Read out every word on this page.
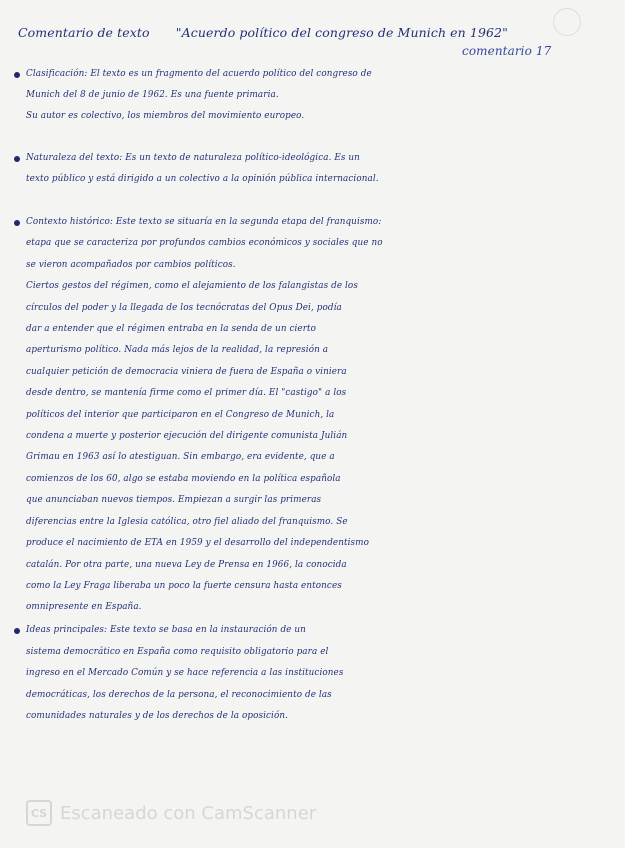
Comentario de texto "Acuerdo político del congreso de Munich en 1962"
comentario 17
Clasificación: El texto es un fragmento del acuerdo político del congreso de
Munich del 8 de junio de 1962. Es una fuente primaria.
Su autor es colectivo, los miembros del movimiento europeo.
Naturaleza del texto: Es un texto de naturaleza político-ideológica. Es un
texto público y está dirigido a un colectivo a la opinión pública internacional.
Contexto histórico: Este texto se situaría en la segunda etapa del franquismo:
etapa que se caracteriza por profundos cambios económicos y sociales que no
se vieron acompañados por cambios políticos.
Ciertos gestos del régimen, como el alejamiento de los falangistas de los
círculos del poder y la llegada de los tecnócratas del Opus Dei, podía
dar a entender que el régimen entraba en la senda de un cierto
aperturismo político. Nada más lejos de la realidad, la represión a
cualquier petición de democracia viniera de fuera de España o viniera
desde dentro, se mantenía firme como el primer día. El "castigo" a los
políticos del interior que participaron en el Congreso de Munich, la
condena a muerte y posterior ejecución del dirigente comunista Julián
Grimau en 1963 así lo atestiguan. Sin embargo, era evidente, que a
comienzos de los 60, algo se estaba moviendo en la política española
que anunciaban nuevos tiempos. Empiezan a surgir las primeras
diferencias entre la Iglesia católica, otro fiel aliado del franquismo. Se
produce el nacimiento de ETA en 1959 y el desarrollo del independentismo
catalán. Por otra parte, una nueva Ley de Prensa en 1966, la conocida
como la Ley Fraga liberaba un poco la fuerte censura hasta entonces
omnipresente en España.
Ideas principales: Este texto se basa en la instauración de un
sistema democrático en España como requisito obligatorio para el
ingreso en el Mercado Común y se hace referencia a las instituciones
democráticas, los derechos de la persona, el reconocimiento de las
comunidades naturales y de los derechos de la oposición.
CS Escaneado con CamScanner
